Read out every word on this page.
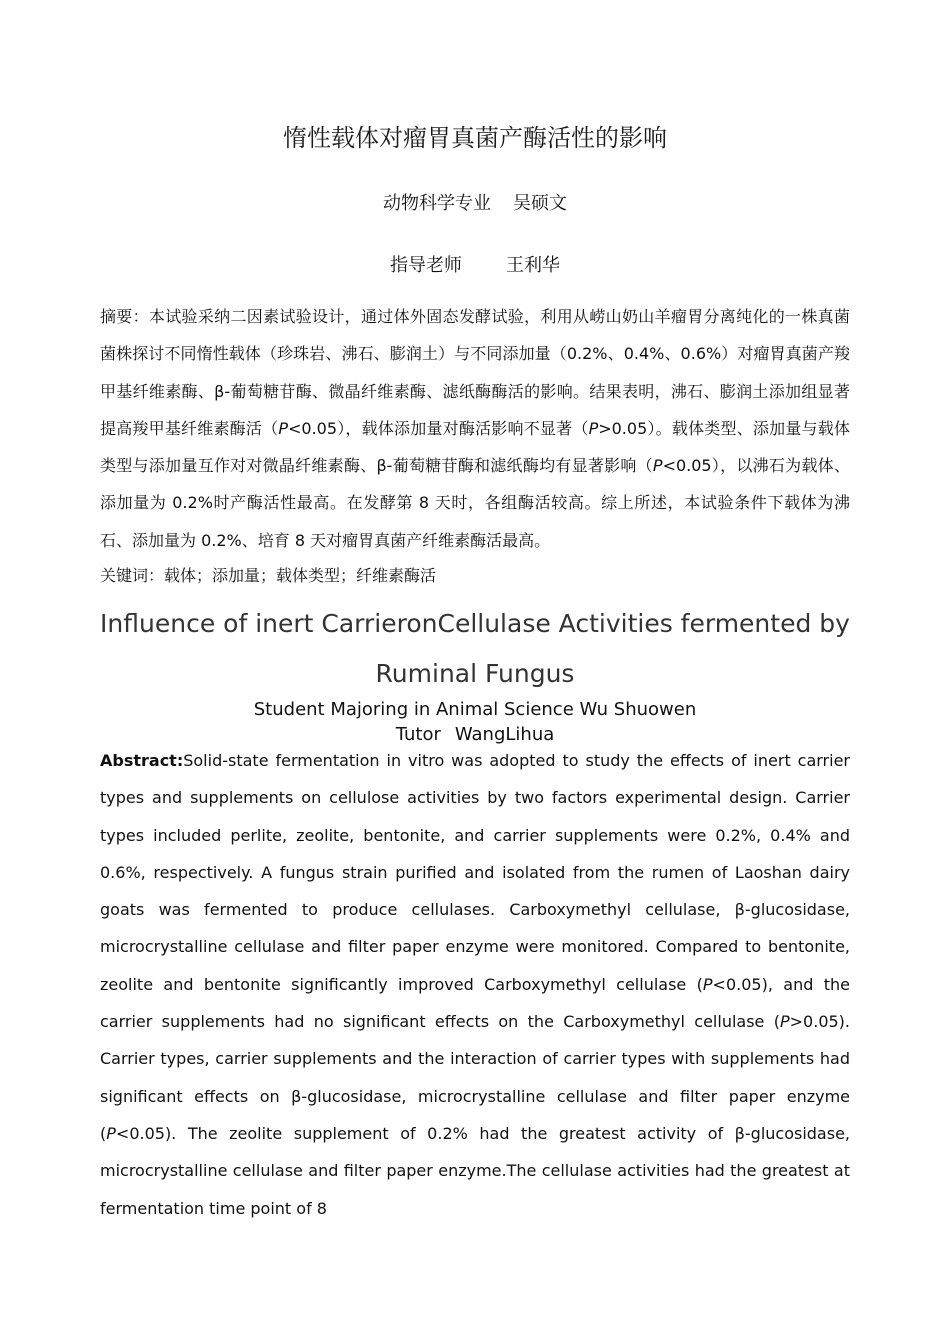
惰性载体对瘤胃真菌产酶活性的影响
动物科学专业 吴硕文
指导老师 王利华

摘要：本试验采纳二因素试验设计，通过体外固态发酵试验，利用从崂山奶山羊瘤胃分离纯化的一株真菌菌株探讨不同惰性载体（珍珠岩、沸石、膨润土）与不同添加量（0.2%、0.4%、0.6%）对瘤胃真菌产羧甲基纤维素酶、β-葡萄糖苷酶、微晶纤维素酶、滤纸酶酶活的影响。结果表明，沸石、膨润土添加组显著提高羧甲基纤维素酶活（P<0.05），载体添加量对酶活影响不显著（P>0.05）。载体类型、添加量与载体类型与添加量互作对对微晶纤维素酶、β-葡萄糖苷酶和滤纸酶均有显著影响（P<0.05），以沸石为载体、添加量为 0.2%时产酶活性最高。在发酵第 8 天时，各组酶活较高。综上所述，本试验条件下载体为沸石、添加量为 0.2%、培育 8 天对瘤胃真菌产纤维素酶活最高。

关键词：载体；添加量；载体类型；纤维素酶活

Influence of inert CarrieronCellulase Activities fermented by Ruminal Fungus

Student Majoring in Animal Science Wu Shuowen
Tutor WangLihua

Abstract:Solid-state fermentation in vitro was adopted to study the effects of inert carrier types and supplements on cellulose activities by two factors experimental design. Carrier types included perlite, zeolite, bentonite, and carrier supplements were 0.2%, 0.4% and 0.6%, respectively. A fungus strain purified and isolated from the rumen of Laoshan dairy goats was fermented to produce cellulases. Carboxymethyl cellulase, β-glucosidase, microcrystalline cellulase and filter paper enzyme were monitored. Compared to bentonite, zeolite and bentonite significantly improved Carboxymethyl cellulase (P<0.05), and the carrier supplements had no significant effects on the Carboxymethyl cellulase (P>0.05). Carrier types, carrier supplements and the interaction of carrier types with supplements had significant effects on β-glucosidase, microcrystalline cellulase and filter paper enzyme (P<0.05). The zeolite supplement of 0.2% had the greatest activity of β-glucosidase, microcrystalline cellulase and filter paper enzyme.The cellulase activities had the greatest at fermentation time point of 8
